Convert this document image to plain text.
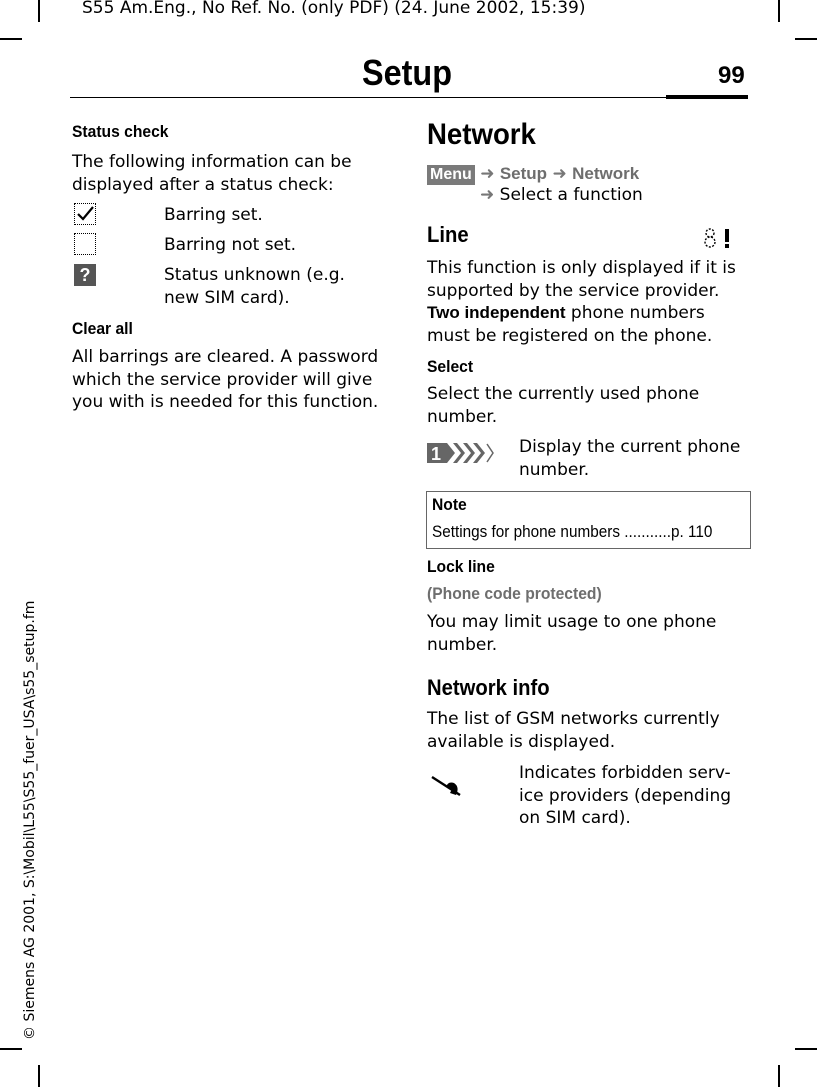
S55 Am.Eng., No Ref. No. (only PDF) (24. June 2002, 15:39)
Setup	99
© Siemens AG 2001, S:\Mobil\L55\S55_fuer_USA\s55_setup.fm
Status check
The following information can be displayed after a status check:
Barring set.
Barring not set.
?	Status unknown (e.g. new SIM card).
Clear all
All barrings are cleared. A password which the service provider will give you with is needed for this function.
Network
Menu ➜ Setup ➜ Network
➜ Select a function
Line
This function is only displayed if it is supported by the service provider. Two independent phone numbers must be registered on the phone.
Select
Select the currently used phone number.
1	Display the current phone number.
Note
Settings for phone numbers ...........p. 110
Lock line
(Phone code protected)
You may limit usage to one phone number.
Network info
The list of GSM networks currently available is displayed.
Indicates forbidden serv-ice providers (depending on SIM card).
